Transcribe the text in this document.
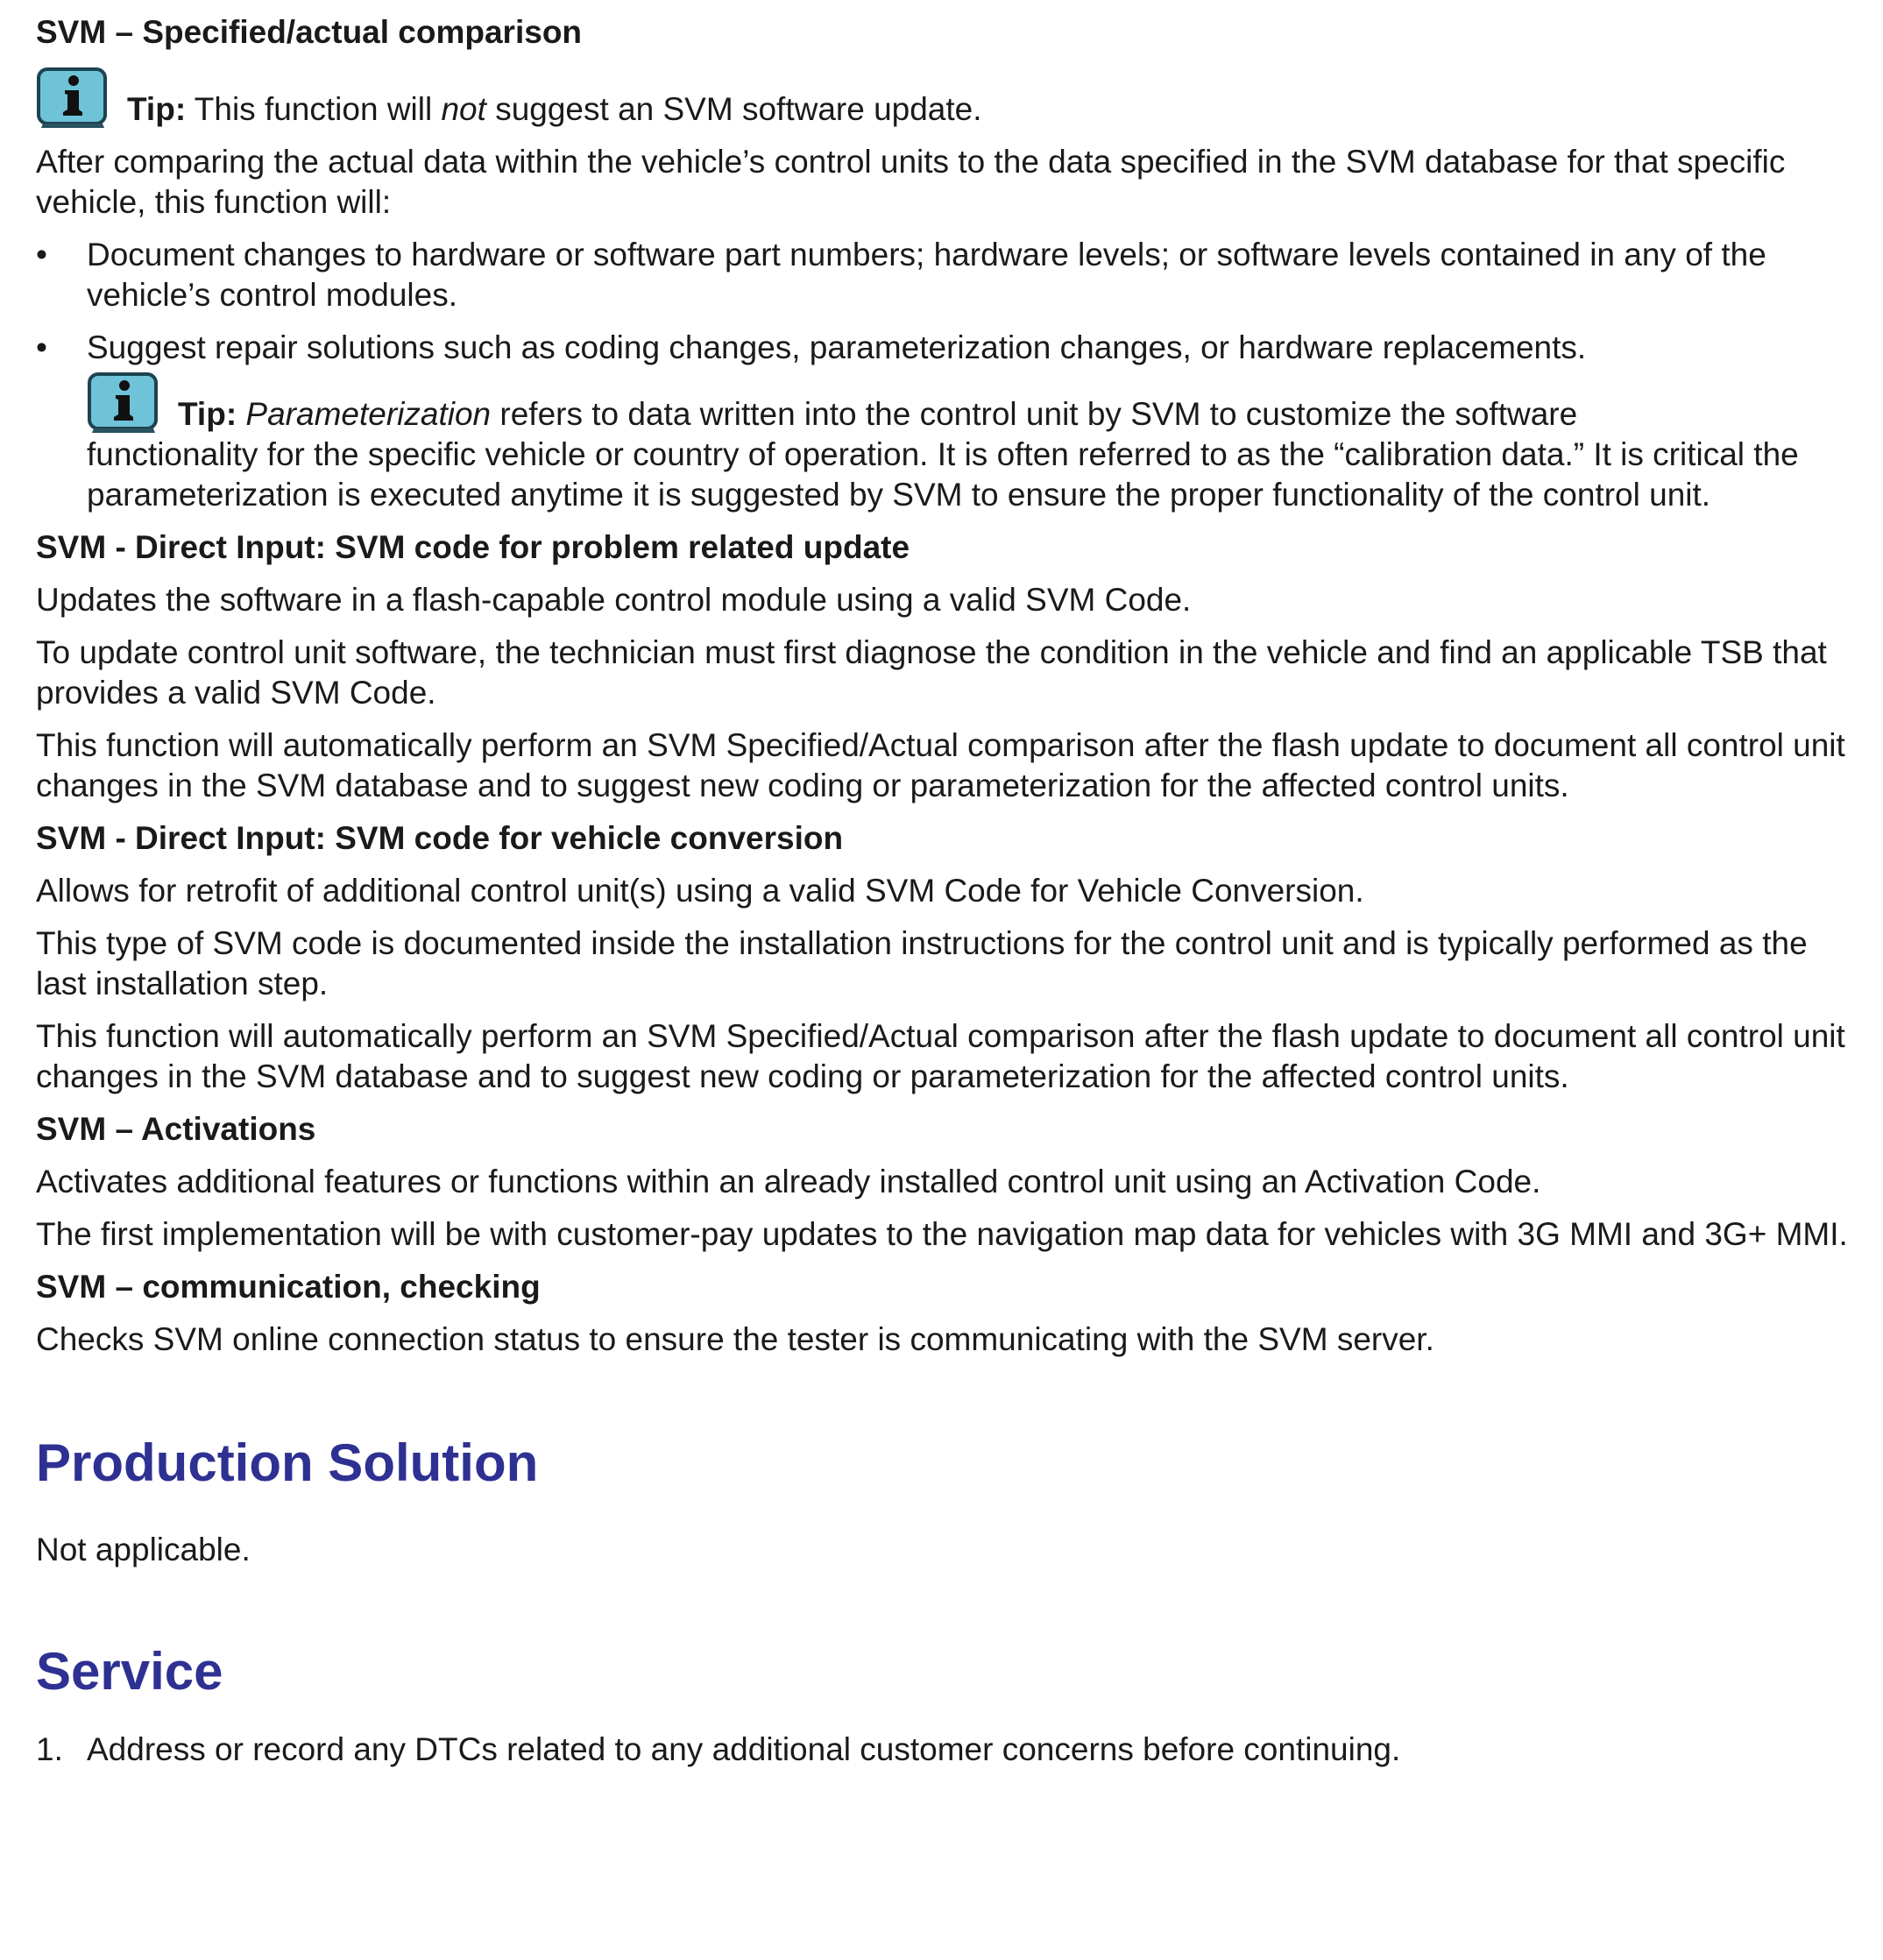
SVM – Specified/actual comparison

Tip: This function will not suggest an SVM software update.

After comparing the actual data within the vehicle’s control units to the data specified in the SVM database for that specific vehicle, this function will:

• Document changes to hardware or software part numbers; hardware levels; or software levels contained in any of the vehicle’s control modules.
• Suggest repair solutions such as coding changes, parameterization changes, or hardware replacements.
Tip: Parameterization refers to data written into the control unit by SVM to customize the software

functionality for the specific vehicle or country of operation. It is often referred to as the “calibration data.” It is critical the parameterization is executed anytime it is suggested by SVM to ensure the proper functionality of the control unit.

SVM - Direct Input: SVM code for problem related update

Updates the software in a flash-capable control module using a valid SVM Code.

To update control unit software, the technician must first diagnose the condition in the vehicle and find an applicable TSB that provides a valid SVM Code.

This function will automatically perform an SVM Specified/Actual comparison after the flash update to document all control unit changes in the SVM database and to suggest new coding or parameterization for the affected control units.

SVM - Direct Input: SVM code for vehicle conversion

Allows for retrofit of additional control unit(s) using a valid SVM Code for Vehicle Conversion.

This type of SVM code is documented inside the installation instructions for the control unit and is typically performed as the last installation step.

This function will automatically perform an SVM Specified/Actual comparison after the flash update to document all control unit changes in the SVM database and to suggest new coding or parameterization for the affected control units.

SVM – Activations

Activates additional features or functions within an already installed control unit using an Activation Code.

The first implementation will be with customer-pay updates to the navigation map data for vehicles with 3G MMI and 3G+ MMI.

SVM – communication, checking

Checks SVM online connection status to ensure the tester is communicating with the SVM server.

Production Solution

Not applicable.

Service
1. Address or record any DTCs related to any additional customer concerns before continuing.
